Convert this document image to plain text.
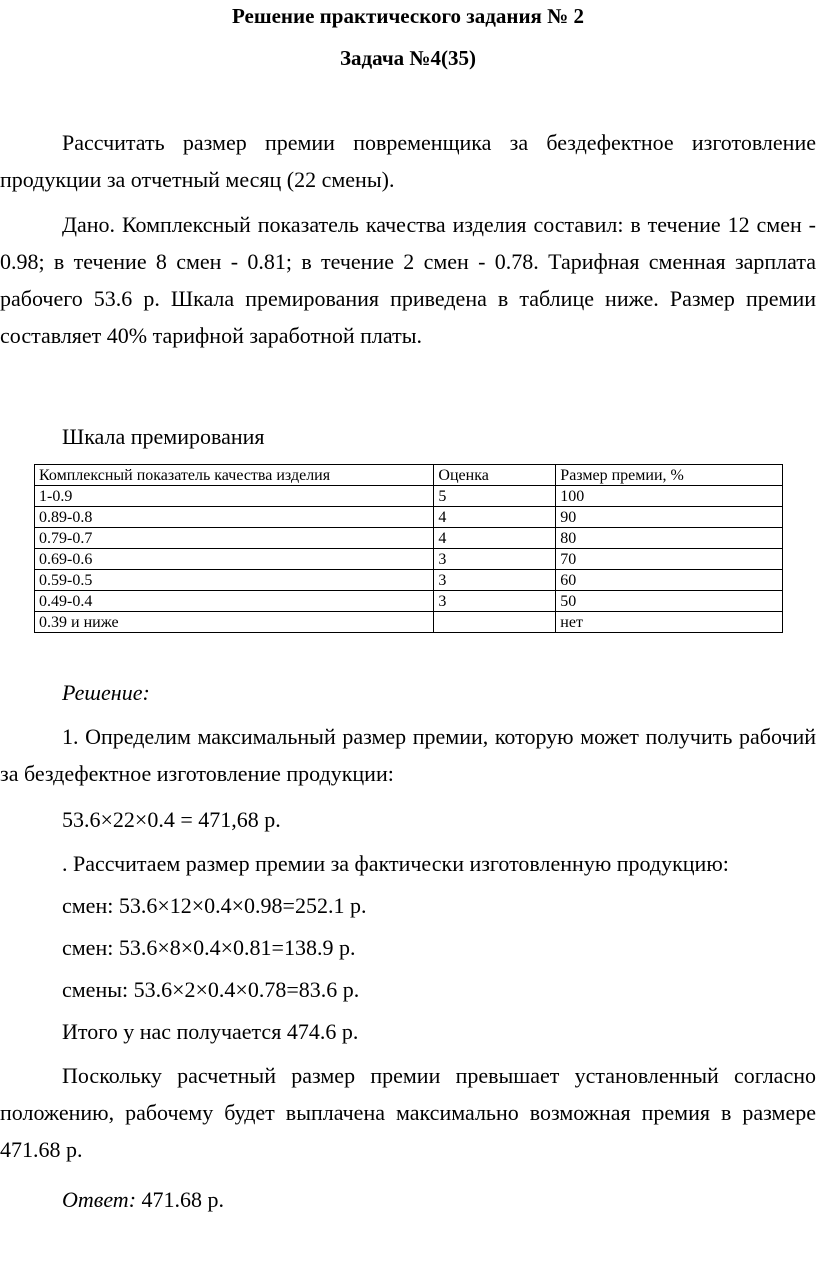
Решение практического задания № 2
Задача №4(35)

Рассчитать размер премии повременщика за бездефектное изготовление продукции за отчетный месяц (22 смены).

Дано. Комплексный показатель качества изделия составил: в течение 12 смен - 0.98; в течение 8 смен - 0.81; в течение 2 смен - 0.78. Тарифная сменная зарплата рабочего 53.6 р. Шкала премирования приведена в таблице ниже. Размер премии составляет 40% тарифной заработной платы.

Шкала премирования
Комплексный показатель качества изделия	Оценка	Размер премии, %
1-0.9	5	100
0.89-0.8	4	90
0.79-0.7	4	80
0.69-0.6	3	70
0.59-0.5	3	60
0.49-0.4	3	50
0.39 и ниже		нет
Решение:

1. Определим максимальный размер премии, которую может получить рабочий за бездефектное изготовление продукции:

53.6×22×0.4 = 471,68 р.
. Рассчитаем размер премии за фактически изготовленную продукцию:
смен: 53.6×12×0.4×0.98=252.1 р.
смен: 53.6×8×0.4×0.81=138.9 р.
смены: 53.6×2×0.4×0.78=83.6 р.
Итого у нас получается 474.6 р.

Поскольку расчетный размер премии превышает установленный согласно положению, рабочему будет выплачена максимально возможная премия в размере 471.68 р.

Ответ: 471.68 р.
